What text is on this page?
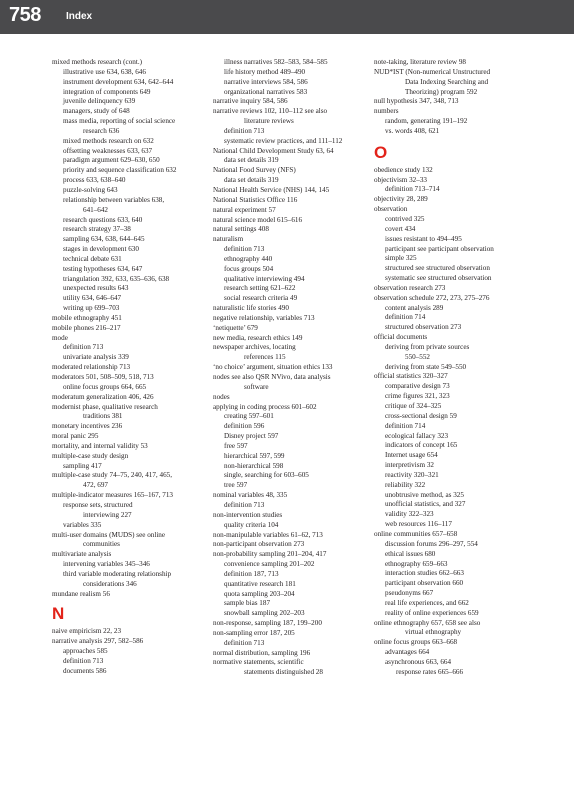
758	Index
mixed methods research (cont.)
illustrative use 634, 638, 646
instrument development 634, 642–644
integration of components 649
juvenile delinquency 639
managers, study of 648
mass media, reporting of social science
research 636
mixed methods research on 632
offsetting weaknesses 633, 637
paradigm argument 629–630, 650
priority and sequence classification 632
process 633, 638–640
puzzle-solving 643
relationship between variables 638,
641–642
research questions 633, 640
research strategy 37–38
sampling 634, 638, 644–645
stages in development 630
technical debate 631
testing hypotheses 634, 647
triangulation 392, 633, 635–636, 638
unexpected results 643
utility 634, 646–647
writing up 699–703
mobile ethnography 451
mobile phones 216–217
mode
definition 713
univariate analysis 339
moderated relationship 713
moderators 501, 508–509, 518, 713
online focus groups 664, 665
moderatum generalization 406, 426
modernist phase, qualitative research
traditions 381
monetary incentives 236
moral panic 295
mortality, and internal validity 53
multiple-case study design
sampling 417
multiple-case study 74–75, 240, 417, 465,
472, 697
multiple-indicator measures 165–167, 713
response sets, structured
interviewing 227
variables 335
multi-user domains (MUDS) see online
communities
multivariate analysis
intervening variables 345–346
third variable moderating relationship
considerations 346
mundane realism 56
N
naive empiricism 22, 23
narrative analysis 297, 582–586
approaches 585
definition 713
documents 586
illness narratives 582–583, 584–585
life history method 489–490
narrative interviews 584, 586
organizational narratives 583
narrative inquiry 584, 586
narrative reviews 102, 110–112 see also
literature reviews
definition 713
systematic review practices, and 111–112
National Child Development Study 63, 64
data set details 319
National Food Survey (NFS)
data set details 319
National Health Service (NHS) 144, 145
National Statistics Office 116
natural experiment 57
natural science model 615–616
natural settings 408
naturalism
definition 713
ethnography 440
focus groups 504
qualitative interviewing 494
research setting 621–622
social research criteria 49
naturalistic life stories 490
negative relationship, variables 713
‘netiquette’ 679
new media, research ethics 149
newspaper archives, locating
references 115
‘no choice’ argument, situation ethics 133
nodes see also QSR NVivo, data analysis
software
nodes
applying in coding process 601–602
creating 597–601
definition 596
Disney project 597
free 597
hierarchical 597, 599
non-hierarchical 598
single, searching for 603–605
tree 597
nominal variables 48, 335
definition 713
non-intervention studies
quality criteria 104
non-manipulable variables 61–62, 713
non-participant observation 273
non-probability sampling 201–204, 417
convenience sampling 201–202
definition 187, 713
quantitative research 181
quota sampling 203–204
sample bias 187
snowball sampling 202–203
non-response, sampling 187, 199–200
non-sampling error 187, 205
definition 713
normal distribution, sampling 196
normative statements, scientific
statements distinguished 28
note-taking, literature review 98
NUD*IST (Non-numerical Unstructured
Data Indexing Searching and
Theorizing) program 592
null hypothesis 347, 348, 713
numbers
random, generating 191–192
vs. words 408, 621
O
obedience study 132
objectivism 32–33
definition 713–714
objectivity 28, 289
observation
contrived 325
covert 434
issues resistant to 494–495
participant see participant observation
simple 325
structured see structured observation
systematic see structured observation
observation research 273
observation schedule 272, 273, 275–276
content analysis 289
definition 714
structured observation 273
official documents
deriving from private sources
550–552
deriving from state 549–550
official statistics 320–327
comparative design 73
crime figures 321, 323
critique of 324–325
cross-sectional design 59
definition 714
ecological fallacy 323
indicators of concept 165
Internet usage 654
interpretivism 32
reactivity 320–321
reliability 322
unobtrusive method, as 325
unofficial statistics, and 327
validity 322–323
web resources 116–117
online communities 657–658
discussion forums 296–297, 554
ethical issues 680
ethnography 659–663
interaction studies 662–663
participant observation 660
pseudonyms 667
real life experiences, and 662
reality of online experiences 659
online ethnography 657, 658 see also
virtual ethnography
online focus groups 663–668
advantages 664
asynchronous 663, 664
response rates 665–666
